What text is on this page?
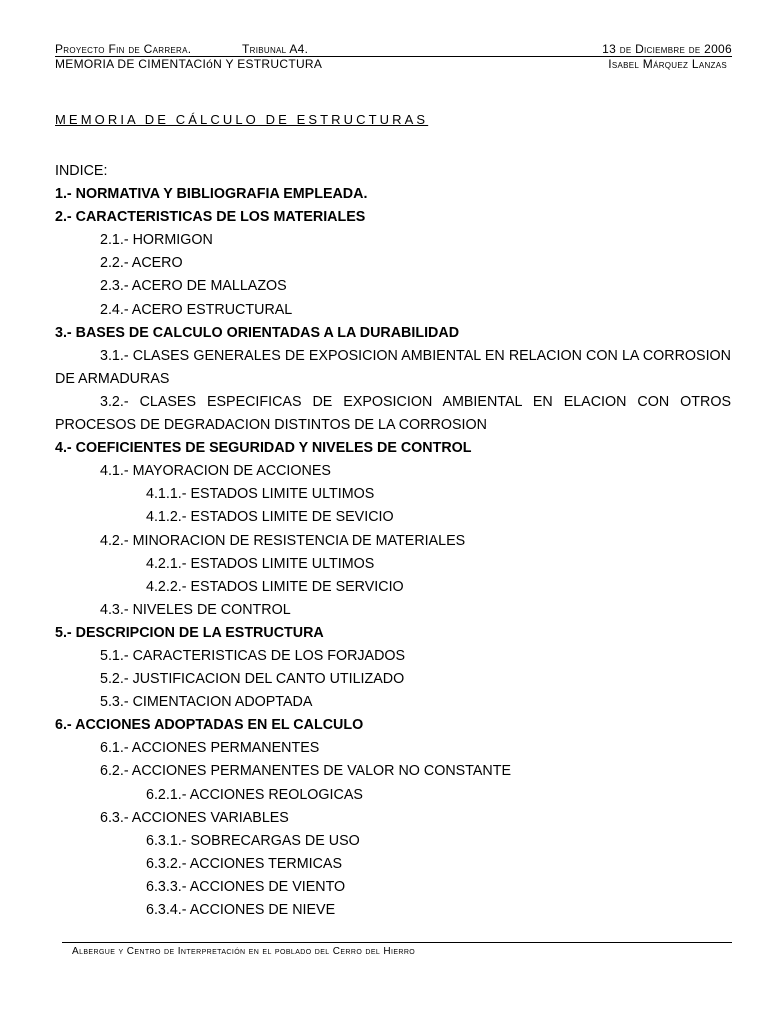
Proyecto Fin de Carrera.	Tribunal A4.	13 de Diciembre de 2006
MEMORIA DE CIMENTACIóN Y ESTRUCTURA	Isabel Márquez Lanzas
MEMORIA DE CÁLCULO DE ESTRUCTURAS
INDICE:
1.- NORMATIVA Y BIBLIOGRAFIA EMPLEADA.
2.- CARACTERISTICAS DE LOS MATERIALES
2.1.- HORMIGON
2.2.- ACERO
2.3.- ACERO DE MALLAZOS
2.4.- ACERO ESTRUCTURAL
3.- BASES DE CALCULO ORIENTADAS A LA DURABILIDAD
3.1.- CLASES GENERALES DE EXPOSICION AMBIENTAL EN RELACION CON LA CORROSION
DE ARMADURAS
3.2.- CLASES ESPECIFICAS DE EXPOSICION AMBIENTAL EN ELACION CON OTROS
PROCESOS DE DEGRADACION DISTINTOS DE LA CORROSION
4.- COEFICIENTES DE SEGURIDAD Y NIVELES DE CONTROL
4.1.- MAYORACION DE ACCIONES
4.1.1.- ESTADOS LIMITE ULTIMOS
4.1.2.- ESTADOS LIMITE DE SEVICIO
4.2.- MINORACION DE RESISTENCIA DE MATERIALES
4.2.1.- ESTADOS LIMITE ULTIMOS
4.2.2.- ESTADOS LIMITE DE SERVICIO
4.3.- NIVELES DE CONTROL
5.- DESCRIPCION DE LA ESTRUCTURA
5.1.- CARACTERISTICAS DE LOS FORJADOS
5.2.- JUSTIFICACION DEL CANTO UTILIZADO
5.3.- CIMENTACION ADOPTADA
6.- ACCIONES ADOPTADAS EN EL CALCULO
6.1.- ACCIONES PERMANENTES
6.2.- ACCIONES PERMANENTES DE VALOR NO CONSTANTE
6.2.1.- ACCIONES REOLOGICAS
6.3.- ACCIONES VARIABLES
6.3.1.- SOBRECARGAS DE USO
6.3.2.- ACCIONES TERMICAS
6.3.3.- ACCIONES DE VIENTO
6.3.4.- ACCIONES DE NIEVE
Albergue y Centro de Interpretación en el poblado del Cerro del Hierro
